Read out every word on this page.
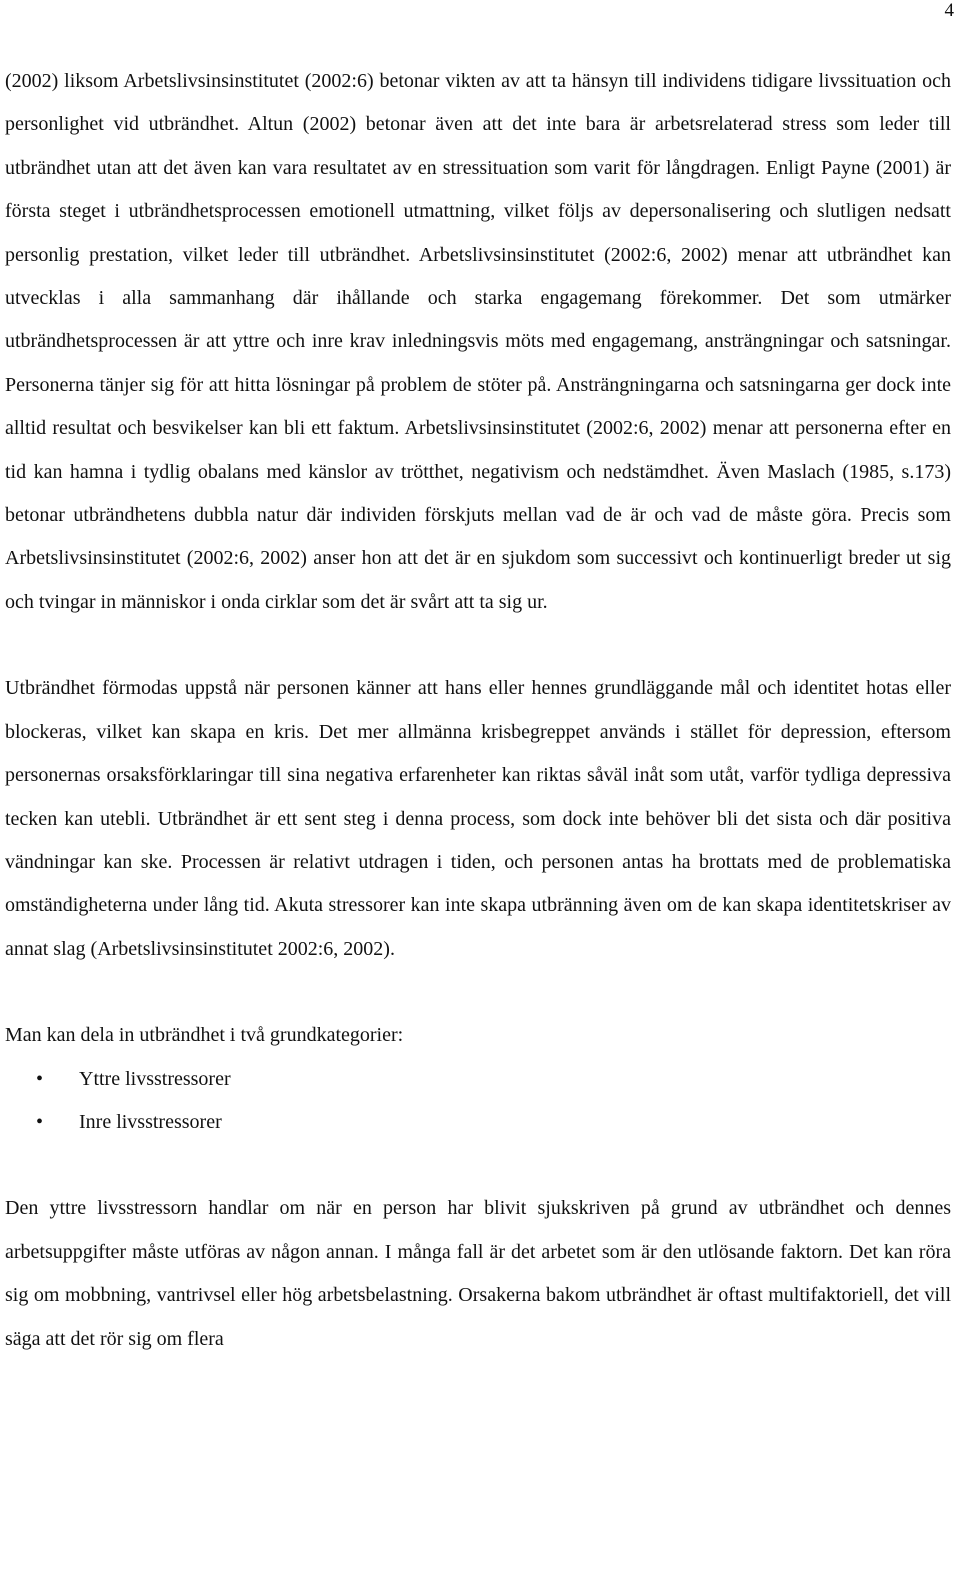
4

(2002) liksom Arbetslivsinsinstitutet (2002:6) betonar vikten av att ta hänsyn till individens tidigare livssituation och personlighet vid utbrändhet. Altun (2002) betonar även att det inte bara är arbetsrelaterad stress som leder till utbrändhet utan att det även kan vara resultatet av en stressituation som varit för långdragen. Enligt Payne (2001) är första steget i utbrändhetsprocessen emotionell utmattning, vilket följs av depersonalisering och slutligen nedsatt personlig prestation, vilket leder till utbrändhet. Arbetslivsinsinstitutet (2002:6, 2002) menar att utbrändhet kan utvecklas i alla sammanhang där ihållande och starka engagemang förekommer. Det som utmärker utbrändhetsprocessen är att yttre och inre krav inledningsvis möts med engagemang, ansträngningar och satsningar. Personerna tänjer sig för att hitta lösningar på problem de stöter på. Ansträngningarna och satsningarna ger dock inte alltid resultat och besvikelser kan bli ett faktum. Arbetslivsinsinstitutet (2002:6, 2002) menar att personerna efter en tid kan hamna i tydlig obalans med känslor av trötthet, negativism och nedstämdhet. Även Maslach (1985, s.173) betonar utbrändhetens dubbla natur där individen förskjuts mellan vad de är och vad de måste göra. Precis som Arbetslivsinsinstitutet (2002:6, 2002) anser hon att det är en sjukdom som successivt och kontinuerligt breder ut sig och tvingar in människor i onda cirklar som det är svårt att ta sig ur.

Utbrändhet förmodas uppstå när personen känner att hans eller hennes grundläggande mål och identitet hotas eller blockeras, vilket kan skapa en kris. Det mer allmänna krisbegreppet används i stället för depression, eftersom personernas orsaksförklaringar till sina negativa erfarenheter kan riktas såväl inåt som utåt, varför tydliga depressiva tecken kan utebli. Utbrändhet är ett sent steg i denna process, som dock inte behöver bli det sista och där positiva vändningar kan ske. Processen är relativt utdragen i tiden, och personen antas ha brottats med de problematiska omständigheterna under lång tid. Akuta stressorer kan inte skapa utbränning även om de kan skapa identitetskriser av annat slag (Arbetslivsinsinstitutet 2002:6, 2002).

Man kan dela in utbrändhet i två grundkategorier:

• Yttre livsstressorer
• Inre livsstressorer

Den yttre livsstressorn handlar om när en person har blivit sjukskriven på grund av utbrändhet och dennes arbetsuppgifter måste utföras av någon annan. I många fall är det arbetet som är den utlösande faktorn. Det kan röra sig om mobbning, vantrivsel eller hög arbetsbelastning. Orsakerna bakom utbrändhet är oftast multifaktoriell, det vill säga att det rör sig om flera
